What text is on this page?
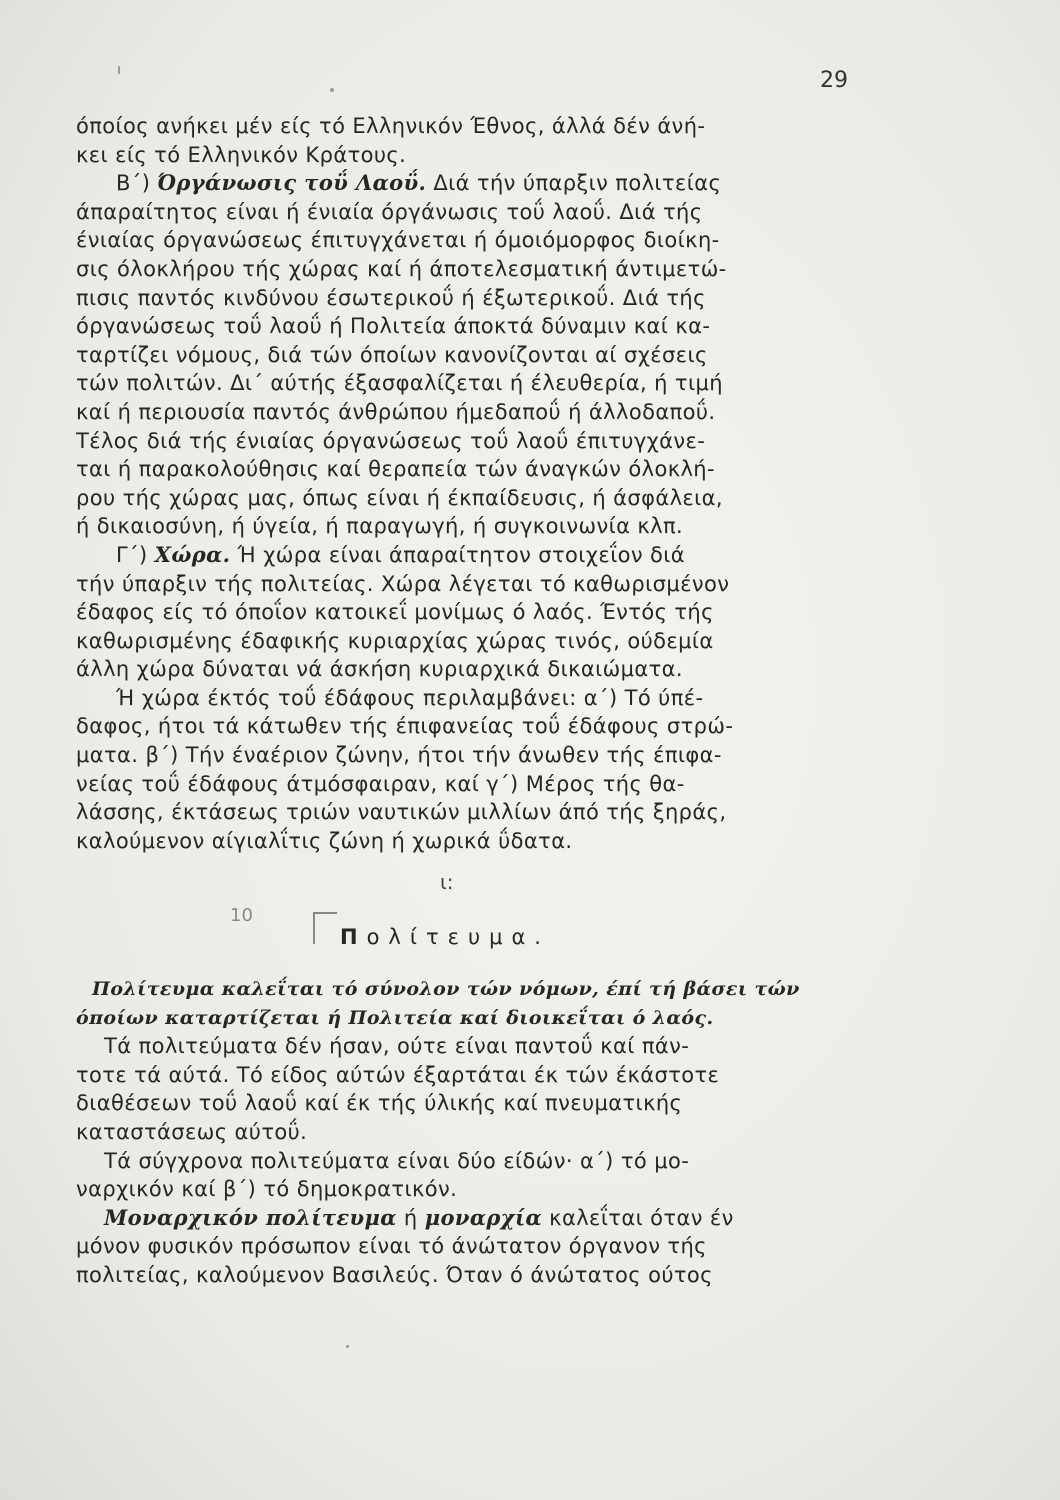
29
όποίος ανήκει μέν είς τό Ελληνικόν Έθνος, άλλά δέν άνή-
κει είς τό Ελληνικόν Κράτους.
Β΄) Όργάνωσις τοΰ Λαοΰ. Διά τήν ύπαρξιν πολιτείας
άπαραίτητος είναι ή ένιαία όργάνωσις τοΰ λαοΰ. Διά τής
ένιαίας όργανώσεως έπιτυγχάνεται ή όμοιόμορφος διοίκη-
σις όλοκλήρου τής χώρας καί ή άποτελεσματική άντιμετώ-
πισις παντός κινδύνου έσωτερικοΰ ή έξωτερικοΰ. Διά τής
όργανώσεως τοΰ λαοΰ ή Πολιτεία άποκτά δύναμιν καί κα-
ταρτίζει νόμους, διά τών όποίων κανονίζονται αί σχέσεις
τών πολιτών. Δι΄ αύτής έξασφαλίζεται ή έλευθερία, ή τιμή
καί ή περιουσία παντός άνθρώπου ήμεδαποΰ ή άλλοδαποΰ.
Τέλος διά τής ένιαίας όργανώσεως τοΰ λαοΰ έπιτυγχάνε-
ται ή παρακολούθησις καί θεραπεία τών άναγκών όλοκλή-
ρου τής χώρας μας, όπως είναι ή έκπαίδευσις, ή άσφάλεια,
ή δικαιοσύνη, ή ύγεία, ή παραγωγή, ή συγκοινωνία κλπ.
Γ΄) Χώρα. Ή χώρα είναι άπαραίτητον στοιχεΐον διά
τήν ύπαρξιν τής πολιτείας. Χώρα λέγεται τό καθωρισμένον
έδαφος είς τό όποΐον κατοικεΐ μονίμως ό λαός. Έντός τής
καθωρισμένης έδαφικής κυριαρχίας χώρας τινός, ούδεμία
άλλη χώρα δύναται νά άσκήση κυριαρχικά δικαιώματα.
Ή χώρα έκτός τοΰ έδάφους περιλαμβάνει: α΄) Τό ύπέ-
δαφος, ήτοι τά κάτωθεν τής έπιφανείας τοΰ έδάφους στρώ-
ματα. β΄) Τήν έναέριον ζώνην, ήτοι τήν άνωθεν τής έπιφα-
νείας τοΰ έδάφους άτμόσφαιραν, καί γ΄) Μέρος τής θα-
λάσσης, έκτάσεως τριών ναυτικών μιλλίων άπό τής ξηράς,
καλούμενον αίγιαλΐτις ζώνη ή χωρικά ΰδατα.
ι:
10
Πολίτευμα.
Πολίτευμα καλεΐται τό σύνολον τών νόμων, έπί τή βάσει τών
όποίων καταρτίζεται ή Πολιτεία καί διοικεΐται ό λαός.
Τά πολιτεύματα δέν ήσαν, ούτε είναι παντοΰ καί πάν-
τοτε τά αύτά. Τό είδος αύτών έξαρτάται έκ τών έκάστοτε
διαθέσεων τοΰ λαοΰ καί έκ τής ύλικής καί πνευματικής
καταστάσεως αύτοΰ.
Τά σύγχρονα πολιτεύματα είναι δύο είδών· α΄) τό μο-
ναρχικόν καί β΄) τό δημοκρατικόν.
Μοναρχικόν πολίτευμα ή μοναρχία καλεΐται όταν έν
μόνον φυσικόν πρόσωπον είναι τό άνώτατον όργανον τής
πολιτείας, καλούμενον Βασιλεύς. Όταν ό άνώτατος ούτος
